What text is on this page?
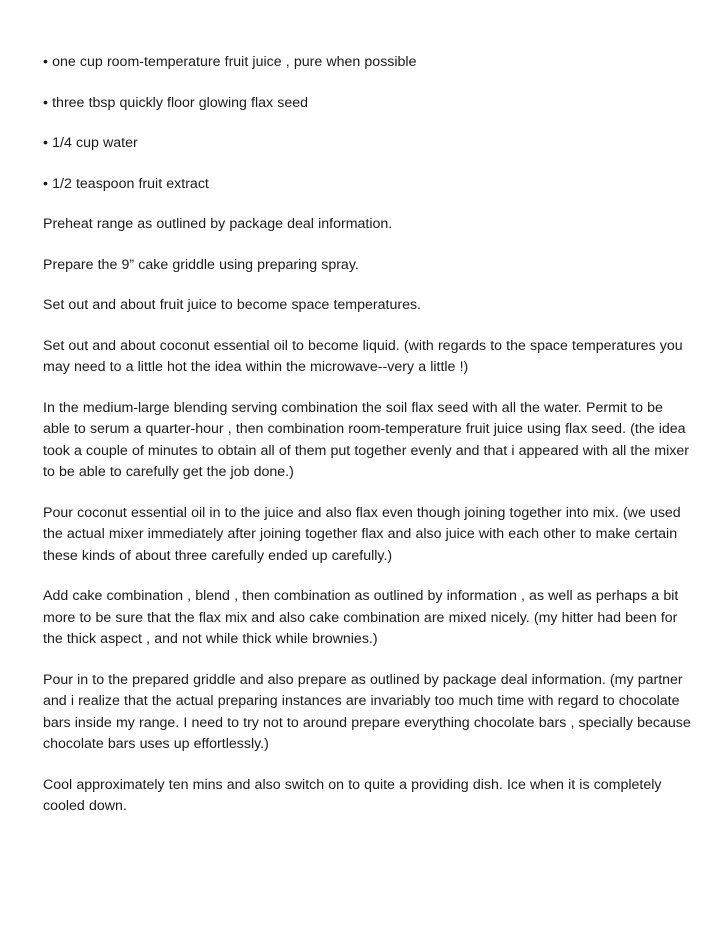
• one cup room-temperature fruit juice , pure when possible

• three tbsp quickly floor glowing flax seed

• 1/4 cup water

• 1/2 teaspoon fruit extract

Preheat range as outlined by package deal information.

Prepare the 9” cake griddle using preparing spray.

Set out and about fruit juice to become space temperatures.

Set out and about coconut essential oil to become liquid. (with regards to the space temperatures you may need to a little hot the idea within the microwave--very a little !)

In the medium-large blending serving combination the soil flax seed with all the water. Permit to be able to serum a quarter-hour , then combination room-temperature fruit juice using flax seed. (the idea took a couple of minutes to obtain all of them put together evenly and that i appeared with all the mixer to be able to carefully get the job done.)

Pour coconut essential oil in to the juice and also flax even though joining together into mix. (we used the actual mixer immediately after joining together flax and also juice with each other to make certain these kinds of about three carefully ended up carefully.)

Add cake combination , blend , then combination as outlined by information , as well as perhaps a bit more to be sure that the flax mix and also cake combination are mixed nicely. (my hitter had been for the thick aspect , and not while thick while brownies.)

Pour in to the prepared griddle and also prepare as outlined by package deal information. (my partner and i realize that the actual preparing instances are invariably too much time with regard to chocolate bars inside my range. I need to try not to around prepare everything chocolate bars , specially because chocolate bars uses up effortlessly.)

Cool approximately ten mins and also switch on to quite a providing dish. Ice when it is completely cooled down.
